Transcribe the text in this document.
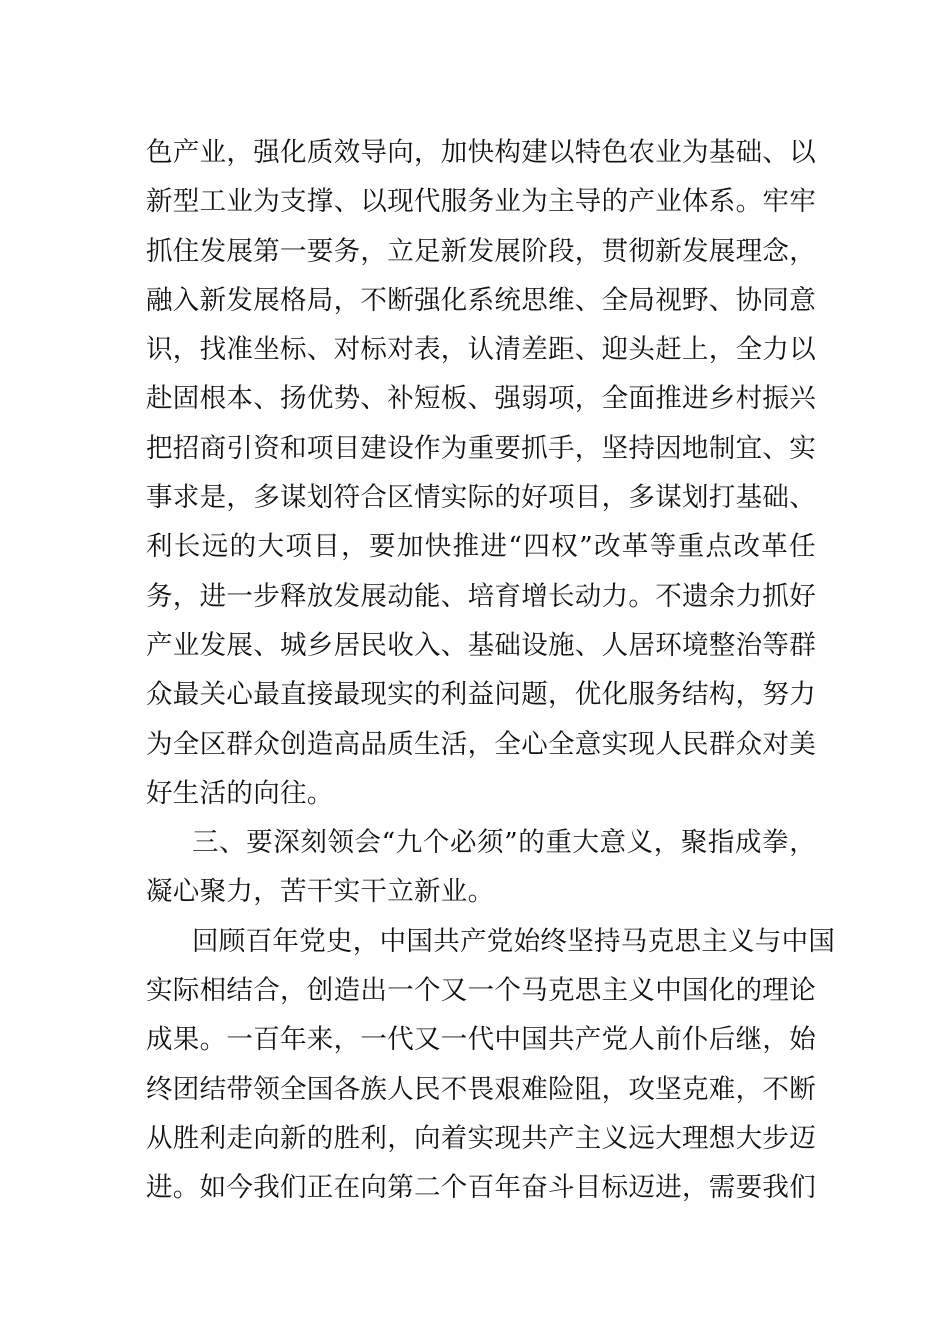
色产业，强化质效导向，加快构建以特色农业为基础、以
新型工业为支撑、以现代服务业为主导的产业体系。牢牢
抓住发展第一要务，立足新发展阶段，贯彻新发展理念，
融入新发展格局，不断强化系统思维、全局视野、协同意
识，找准坐标、对标对表，认清差距、迎头赶上，全力以
赴固根本、扬优势、补短板、强弱项，全面推进乡村振兴
把招商引资和项目建设作为重要抓手，坚持因地制宜、实
事求是，多谋划符合区情实际的好项目，多谋划打基础、
利长远的大项目，要加快推进“四权”改革等重点改革任
务，进一步释放发展动能、培育增长动力。不遗余力抓好
产业发展、城乡居民收入、基础设施、人居环境整治等群
众最关心最直接最现实的利益问题，优化服务结构，努力
为全区群众创造高品质生活，全心全意实现人民群众对美
好生活的向往。
三、要深刻领会“九个必须”的重大意义，聚指成拳，
凝心聚力，苦干实干立新业。
回顾百年党史，中国共产党始终坚持马克思主义与中国
实际相结合，创造出一个又一个马克思主义中国化的理论
成果。一百年来，一代又一代中国共产党人前仆后继，始
终团结带领全国各族人民不畏艰难险阻，攻坚克难，不断
从胜利走向新的胜利，向着实现共产主义远大理想大步迈
进。如今我们正在向第二个百年奋斗目标迈进，需要我们
